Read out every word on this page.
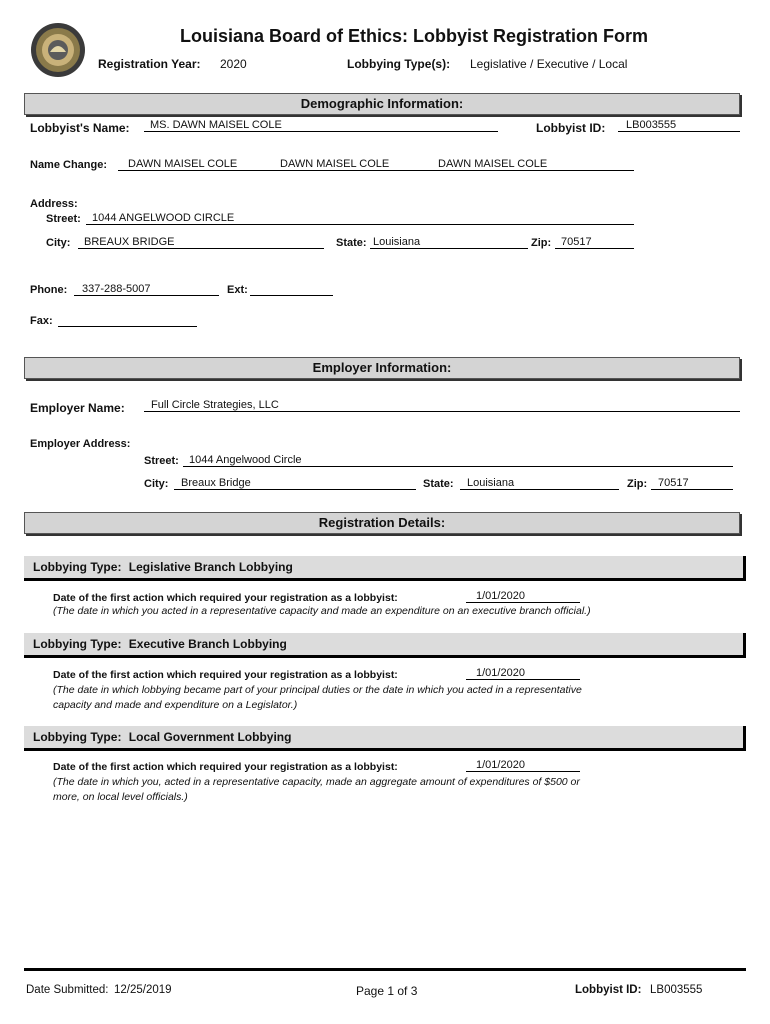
Louisiana Board of Ethics: Lobbyist Registration Form
Registration Year: 2020	Lobbying Type(s): Legislative / Executive / Local
Demographic Information:
Lobbyist's Name: MS. DAWN MAISEL COLE	Lobbyist ID: LB003555
Name Change: DAWN MAISEL COLE	DAWN MAISEL COLE	DAWN MAISEL COLE
Address:
Street: 1044 ANGELWOOD CIRCLE
City: BREAUX BRIDGE	State: Louisiana	Zip: 70517
Phone: 337-288-5007	Ext:
Fax:
Employer Information:
Employer Name: Full Circle Strategies, LLC
Employer Address:
Street: 1044 Angelwood Circle
City: Breaux Bridge	State: Louisiana	Zip: 70517
Registration Details:
Lobbying Type: Legislative Branch Lobbying
Date of the first action which required your registration as a lobbyist:	1/01/2020
(The date in which you acted in a representative capacity and made an expenditure on an executive branch official.)
Lobbying Type: Executive Branch Lobbying
Date of the first action which required your registration as a lobbyist:	1/01/2020
(The date in which lobbying became part of your principal duties or the date in which you acted in a representative
capacity and made and expenditure on a Legislator.)
Lobbying Type: Local Government Lobbying
Date of the first action which required your registration as a lobbyist:	1/01/2020
(The date in which you, acted in a representative capacity, made an aggregate amount of expenditures of $500 or
more, on local level officials.)
Date Submitted: 12/25/2019	Page 1 of 3	Lobbyist ID: LB003555
